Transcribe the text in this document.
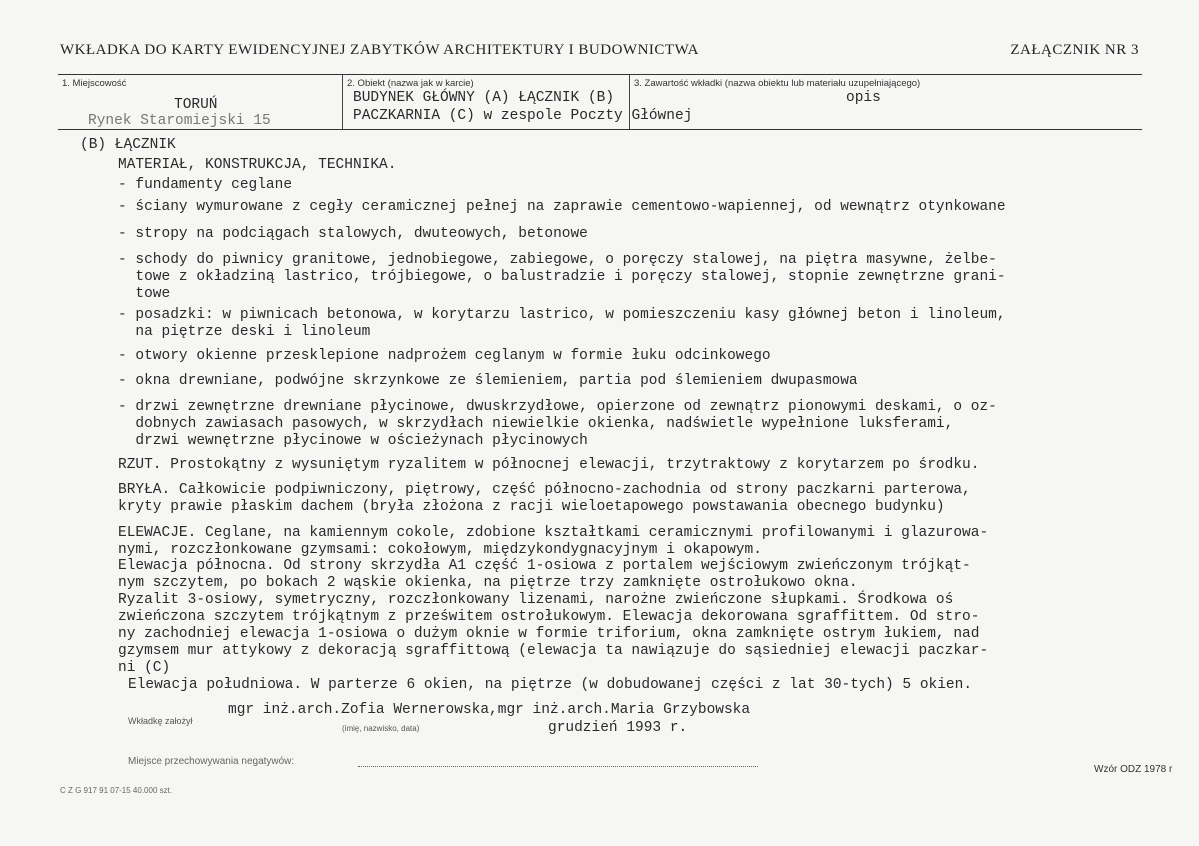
WKŁADKA DO KARTY EWIDENCYJNEJ ZABYTKÓW ARCHITEKTURY I BUDOWNICTWA	ZAŁĄCZNIK NR 3
1. Miejscowość
TORUŃ
Rynek Staromiejski 15
2. Obiekt (nazwa jak w karcie)
BUDYNEK GŁÓWNY (A) ŁĄCZNIK (B)
PACZKARNIA (C) w zespole Poczty Głównej
3. Zawartość wkładki (nazwa obiektu lub materiału uzupełniającego)
opis
(B) ŁĄCZNIK
MATERIAŁ, KONSTRUKCJA, TECHNIKA.
- fundamenty ceglane
- ściany wymurowane z cegły ceramicznej pełnej na zaprawie cementowo-wapiennej, od wewnątrz otynkowane
- stropy na podciągach stalowych, dwuteowych, betonowe
- schody do piwnicy granitowe, jednobiegowe, zabiegowe, o poręczy stalowej, na piętra masywne, żelbe-
towe z okładziną lastrico, trójbiegowe, o balustradzie i poręczy stalowej, stopnie zewnętrzne grani-
towe
- posadzki: w piwnicach betonowa, w korytarzu lastrico, w pomieszczeniu kasy głównej beton i linoleum,
na piętrze deski i linoleum
- otwory okienne przesklepione nadprożem ceglanym w formie łuku odcinkowego
- okna drewniane, podwójne skrzynkowe ze ślemieniem, partia pod ślemieniem dwupasmowa
- drzwi zewnętrzne drewniane płycinowe, dwuskrzydłowe, opierzone od zewnątrz pionowymi deskami, o oz-
dobnych zawiasach pasowych, w skrzydłach niewielkie okienka, nadświetle wypełnione luksferami,
drzwi wewnętrzne płycinowe w ościeżynach płycinowych
RZUT. Prostokątny z wysuniętym ryzalitem w północnej elewacji, trzytraktowy z korytarzem po środku.
BRYŁA. Całkowicie podpiwniczony, piętrowy, część północno-zachodnia od strony paczkarni parterowa,
kryty prawie płaskim dachem (bryła złożona z racji wieloetapowego powstawania obecnego budynku)
ELEWACJE. Ceglane, na kamiennym cokole, zdobione kształtkami ceramicznymi profilowanymi i glazurowa-
nymi, rozczłonkowane gzymsami: cokołowym, międzykondygnacyjnym i okapowym.
Elewacja północna. Od strony skrzydła A1 część 1-osiowa z portalem wejściowym zwieńczonym trójkąt-
nym szczytem, po bokach 2 wąskie okienka, na piętrze trzy zamknięte ostrołukowo okna.
Ryzalit 3-osiowy, symetryczny, rozczłonkowany lizenami, narożne zwieńczone słupkami. Środkowa oś
zwieńczona szczytem trójkątnym z prześwitem ostrołukowym. Elewacja dekorowana sgraffittem. Od stro-
ny zachodniej elewacja 1-osiowa o dużym oknie w formie triforium, okna zamknięte ostrym łukiem, nad
gzymsem mur attykowy z dekoracją sgraffittową (elewacja ta nawiązuje do sąsiedniej elewacji paczkar-
ni (C)
Elewacja południowa. W parterze 6 okien, na piętrze (w dobudowanej części z lat 30-tych) 5 okien.
Wkładkę założył
mgr inż.arch.Zofia Wernerowska,mgr inż.arch.Maria Grzybowska
(imię, nazwisko, data)	grudzień 1993 r.
Miejsce przechowywania negatywów:
Wzór ODZ 1978 r
C Z G 917 91 07-15 40.000 szt.
